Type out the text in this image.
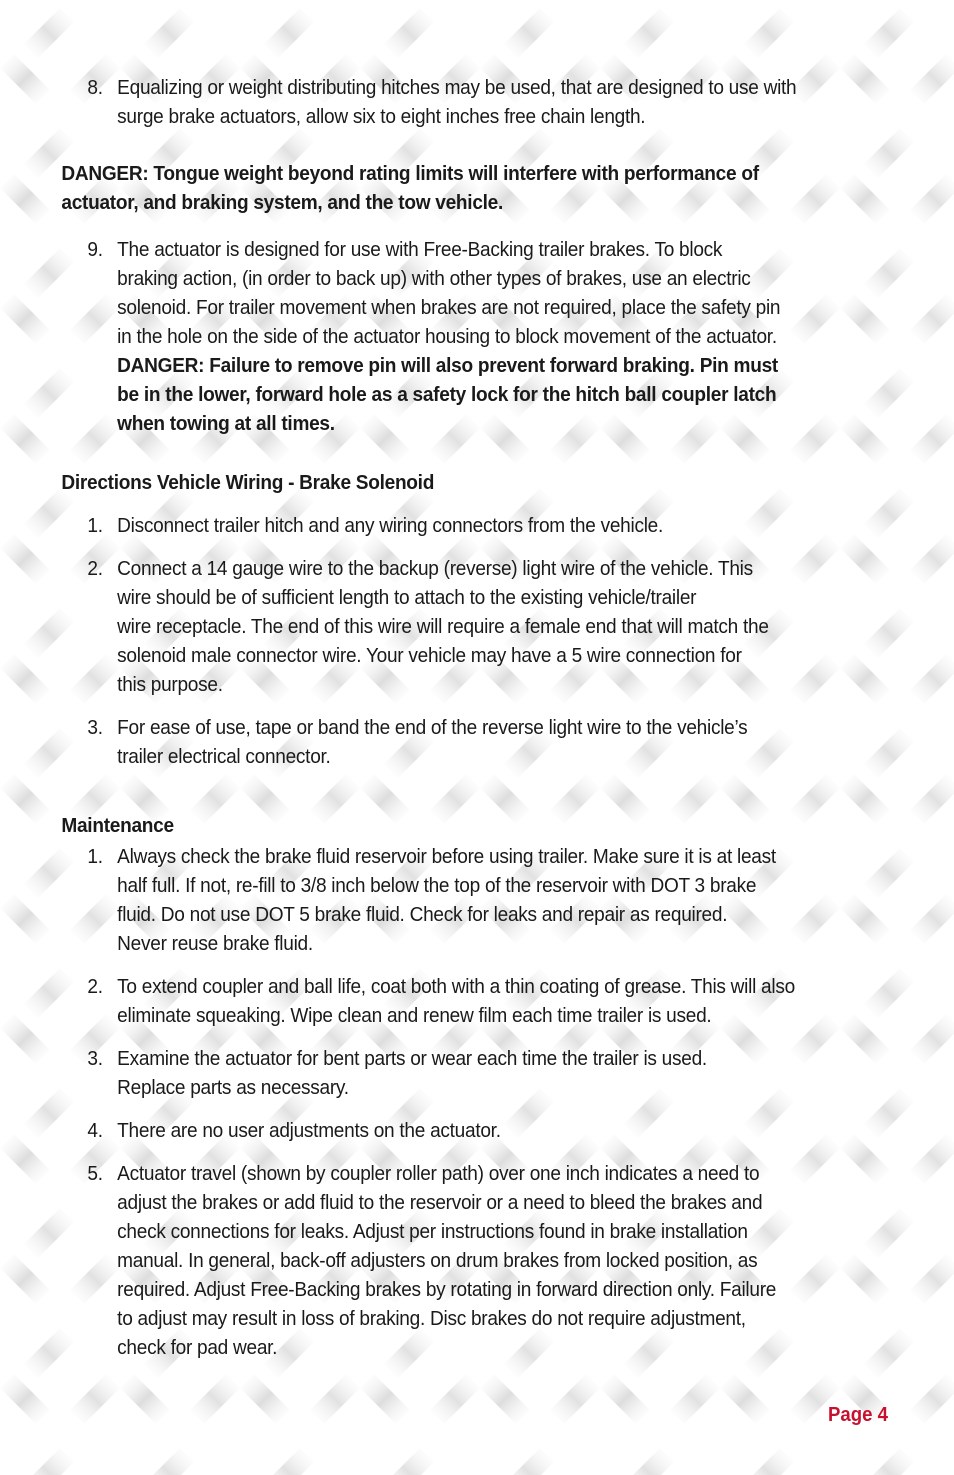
8. Equalizing or weight distributing hitches may be used, that are designed to use with
surge brake actuators, allow six to eight inches free chain length.
DANGER: Tongue weight beyond rating limits will interfere with performance of
actuator, and braking system, and the tow vehicle.
9. The actuator is designed for use with Free-Backing trailer brakes. To block
braking action, (in order to back up) with other types of brakes, use an electric
solenoid. For trailer movement when brakes are not required, place the safety pin
in the hole on the side of the actuator housing to block movement of the actuator.
DANGER: Failure to remove pin will also prevent forward braking. Pin must
be in the lower, forward hole as a safety lock for the hitch ball coupler latch
when towing at all times.
Directions Vehicle Wiring - Brake Solenoid
1. Disconnect trailer hitch and any wiring connectors from the vehicle.
2. Connect a 14 gauge wire to the backup (reverse) light wire of the vehicle. This
wire should be of sufficient length to attach to the existing vehicle/trailer
wire receptacle. The end of this wire will require a female end that will match the
solenoid male connector wire. Your vehicle may have a 5 wire connection for
this purpose.
3. For ease of use, tape or band the end of the reverse light wire to the vehicle’s
trailer electrical connector.
Maintenance
1. Always check the brake fluid reservoir before using trailer. Make sure it is at least
half full. If not, re-fill to 3/8 inch below the top of the reservoir with DOT 3 brake
fluid. Do not use DOT 5 brake fluid. Check for leaks and repair as required.
Never reuse brake fluid.
2. To extend coupler and ball life, coat both with a thin coating of grease. This will also
eliminate squeaking. Wipe clean and renew film each time trailer is used.
3. Examine the actuator for bent parts or wear each time the trailer is used.
Replace parts as necessary.
4. There are no user adjustments on the actuator.
5. Actuator travel (shown by coupler roller path) over one inch indicates a need to
adjust the brakes or add fluid to the reservoir or a need to bleed the brakes and
check connections for leaks. Adjust per instructions found in brake installation
manual. In general, back-off adjusters on drum brakes from locked position, as
required. Adjust Free-Backing brakes by rotating in forward direction only. Failure
to adjust may result in loss of braking. Disc brakes do not require adjustment,
check for pad wear.
Page 4
